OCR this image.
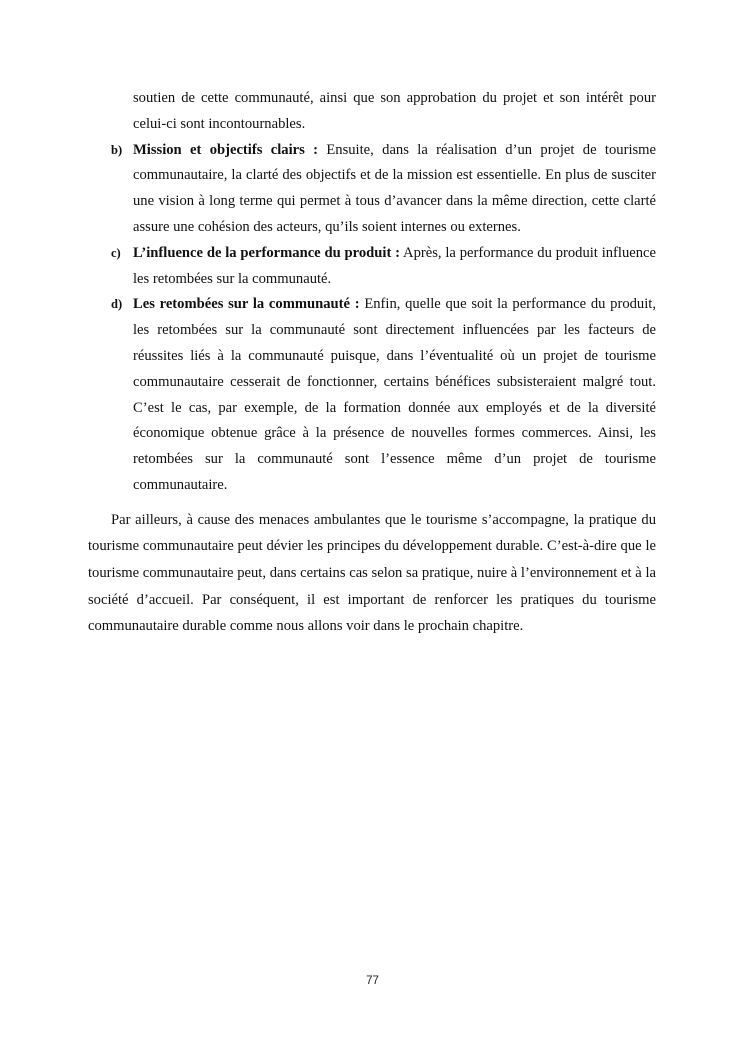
soutien de cette communauté, ainsi que son approbation du projet et son intérêt pour celui-ci sont incontournables.
b) Mission et objectifs clairs : Ensuite, dans la réalisation d’un projet de tourisme communautaire, la clarté des objectifs et de la mission est essentielle. En plus de susciter une vision à long terme qui permet à tous d’avancer dans la même direction, cette clarté assure une cohésion des acteurs, qu’ils soient internes ou externes.
c) L’influence de la performance du produit : Après, la performance du produit influence les retombées sur la communauté.
d) Les retombées sur la communauté : Enfin, quelle que soit la performance du produit, les retombées sur la communauté sont directement influencées par les facteurs de réussites liés à la communauté puisque, dans l’éventualité où un projet de tourisme communautaire cesserait de fonctionner, certains bénéfices subsisteraient malgré tout. C’est le cas, par exemple, de la formation donnée aux employés et de la diversité économique obtenue grâce à la présence de nouvelles formes commerces. Ainsi, les retombées sur la communauté sont l’essence même d’un projet de tourisme communautaire.

Par ailleurs, à cause des menaces ambulantes que le tourisme s’accompagne, la pratique du tourisme communautaire peut dévier les principes du développement durable. C’est-à-dire que le tourisme communautaire peut, dans certains cas selon sa pratique, nuire à l’environnement et à la société d’accueil. Par conséquent, il est important de renforcer les pratiques du tourisme communautaire durable comme nous allons voir dans le prochain chapitre.

77
